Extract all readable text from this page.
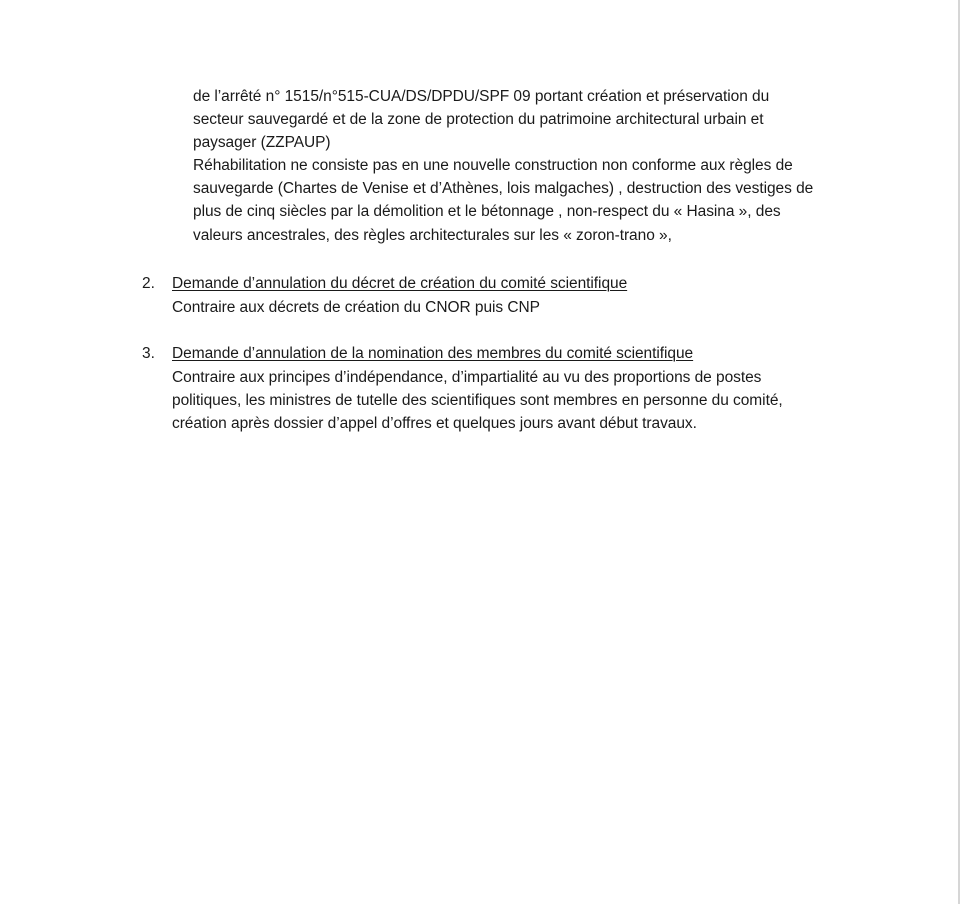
de l’arrêté n° 1515/n°515-CUA/DS/DPDU/SPF 09 portant création et préservation du
secteur sauvegardé et de la zone de protection du patrimoine architectural urbain et
paysager (ZZPAUP)
Réhabilitation ne consiste pas en une nouvelle construction non conforme aux règles de
sauvegarde (Chartes de Venise et d’Athènes, lois malgaches) , destruction des vestiges de
plus de cinq siècles par la démolition et le bétonnage , non-respect du « Hasina », des
valeurs ancestrales, des règles architecturales sur les « zoron-trano »,
2. Demande d’annulation du décret de création du comité scientifique
Contraire aux décrets de création du CNOR puis CNP
3. Demande d’annulation de la nomination des membres du comité scientifique
Contraire aux principes d’indépendance, d’impartialité au vu des proportions de postes
politiques, les ministres de tutelle des scientifiques sont membres en personne du comité,
création après dossier d’appel d’offres et quelques jours avant début travaux.
